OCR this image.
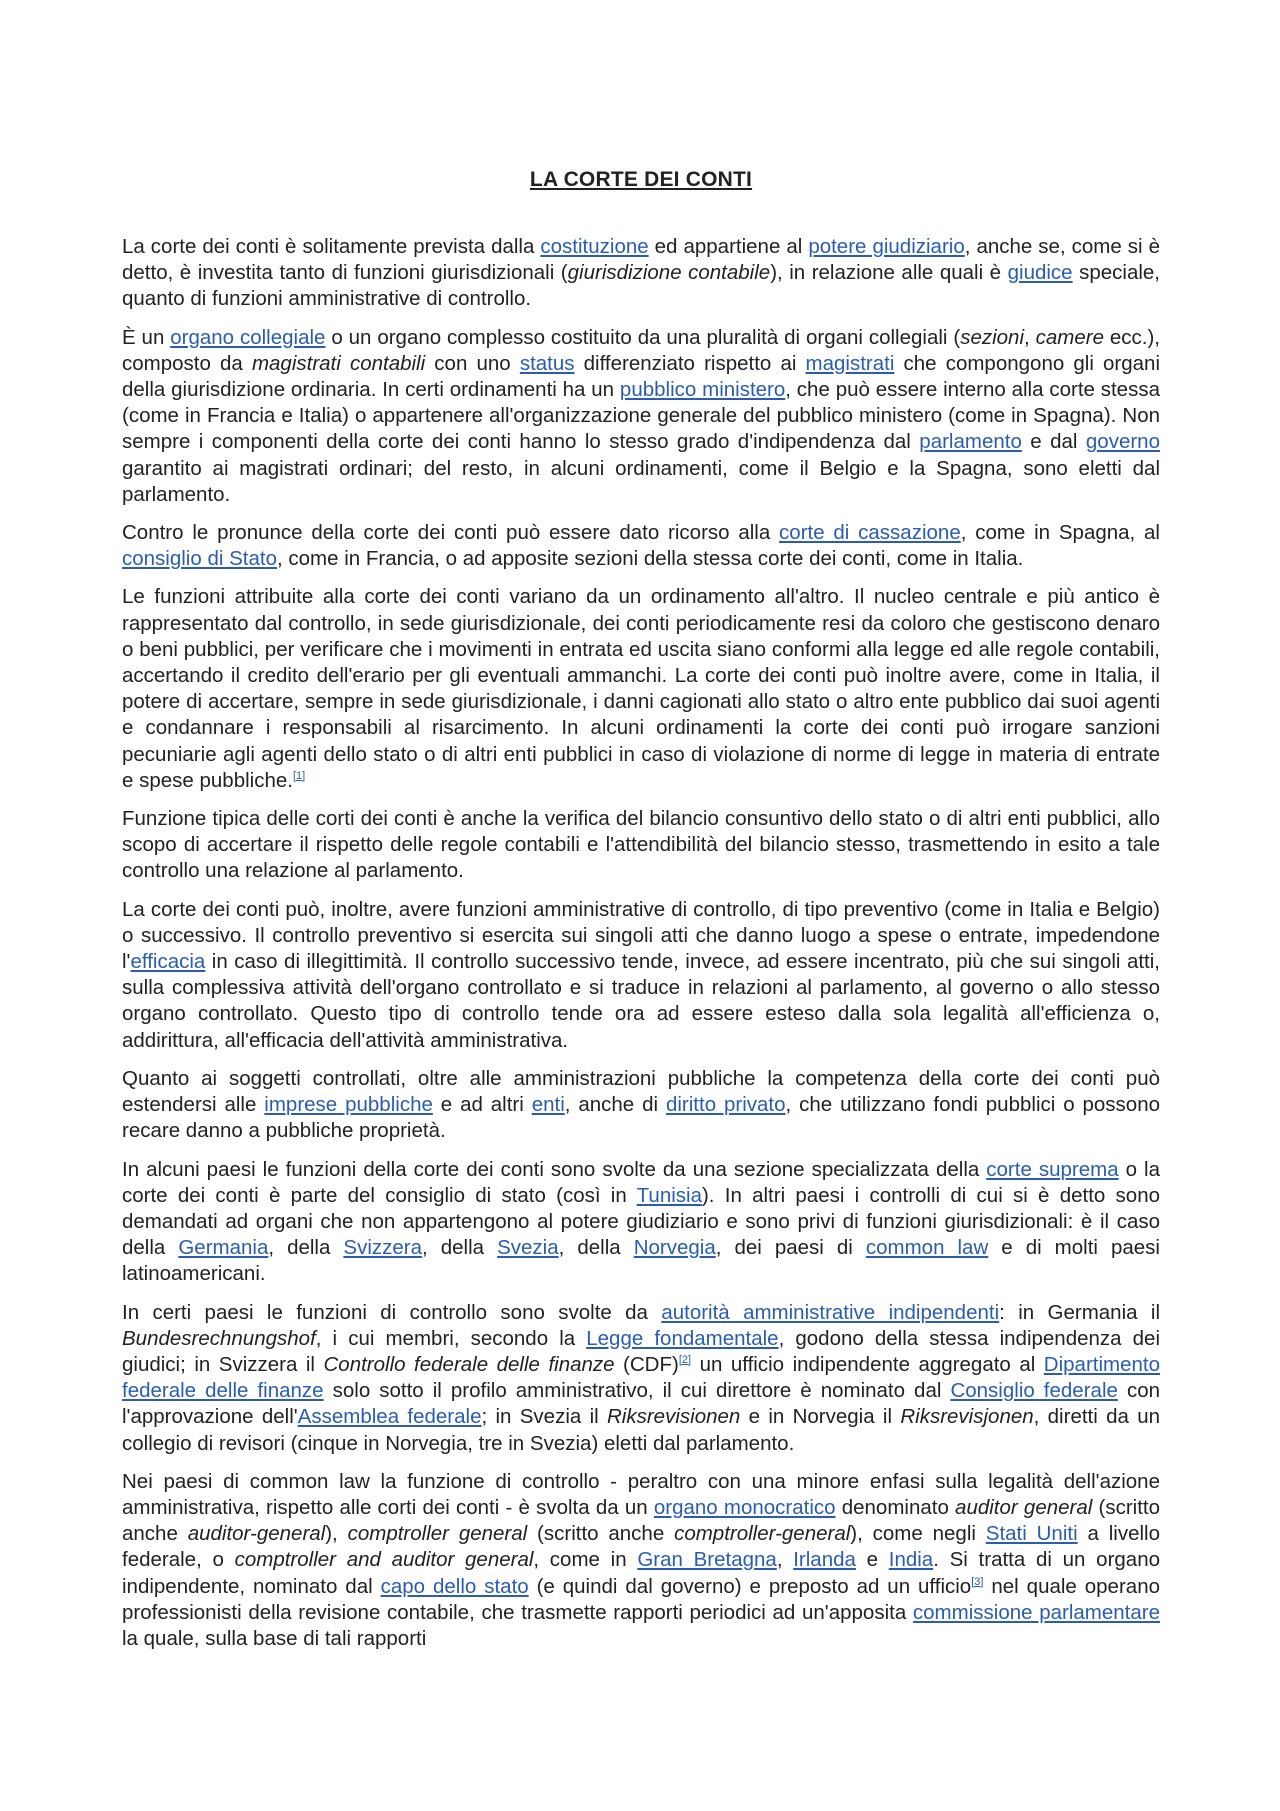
LA CORTE DEI CONTI

La corte dei conti è solitamente prevista dalla costituzione ed appartiene al potere giudiziario, anche se, come si è detto, è investita tanto di funzioni giurisdizionali (giurisdizione contabile), in relazione alle quali è giudice speciale, quanto di funzioni amministrative di controllo.

È un organo collegiale o un organo complesso costituito da una pluralità di organi collegiali (sezioni, camere ecc.), composto da magistrati contabili con uno status differenziato rispetto ai magistrati che compongono gli organi della giurisdizione ordinaria. In certi ordinamenti ha un pubblico ministero, che può essere interno alla corte stessa (come in Francia e Italia) o appartenere all'organizzazione generale del pubblico ministero (come in Spagna). Non sempre i componenti della corte dei conti hanno lo stesso grado d'indipendenza dal parlamento e dal governo garantito ai magistrati ordinari; del resto, in alcuni ordinamenti, come il Belgio e la Spagna, sono eletti dal parlamento.

Contro le pronunce della corte dei conti può essere dato ricorso alla corte di cassazione, come in Spagna, al consiglio di Stato, come in Francia, o ad apposite sezioni della stessa corte dei conti, come in Italia.

Le funzioni attribuite alla corte dei conti variano da un ordinamento all'altro. Il nucleo centrale e più antico è rappresentato dal controllo, in sede giurisdizionale, dei conti periodicamente resi da coloro che gestiscono denaro o beni pubblici, per verificare che i movimenti in entrata ed uscita siano conformi alla legge ed alle regole contabili, accertando il credito dell'erario per gli eventuali ammanchi. La corte dei conti può inoltre avere, come in Italia, il potere di accertare, sempre in sede giurisdizionale, i danni cagionati allo stato o altro ente pubblico dai suoi agenti e condannare i responsabili al risarcimento. In alcuni ordinamenti la corte dei conti può irrogare sanzioni pecuniarie agli agenti dello stato o di altri enti pubblici in caso di violazione di norme di legge in materia di entrate e spese pubbliche.[1]

Funzione tipica delle corti dei conti è anche la verifica del bilancio consuntivo dello stato o di altri enti pubblici, allo scopo di accertare il rispetto delle regole contabili e l'attendibilità del bilancio stesso, trasmettendo in esito a tale controllo una relazione al parlamento.

La corte dei conti può, inoltre, avere funzioni amministrative di controllo, di tipo preventivo (come in Italia e Belgio) o successivo. Il controllo preventivo si esercita sui singoli atti che danno luogo a spese o entrate, impedendone l'efficacia in caso di illegittimità. Il controllo successivo tende, invece, ad essere incentrato, più che sui singoli atti, sulla complessiva attività dell'organo controllato e si traduce in relazioni al parlamento, al governo o allo stesso organo controllato. Questo tipo di controllo tende ora ad essere esteso dalla sola legalità all'efficienza o, addirittura, all'efficacia dell'attività amministrativa.

Quanto ai soggetti controllati, oltre alle amministrazioni pubbliche la competenza della corte dei conti può estendersi alle imprese pubbliche e ad altri enti, anche di diritto privato, che utilizzano fondi pubblici o possono recare danno a pubbliche proprietà.

In alcuni paesi le funzioni della corte dei conti sono svolte da una sezione specializzata della corte suprema o la corte dei conti è parte del consiglio di stato (così in Tunisia). In altri paesi i controlli di cui si è detto sono demandati ad organi che non appartengono al potere giudiziario e sono privi di funzioni giurisdizionali: è il caso della Germania, della Svizzera, della Svezia, della Norvegia, dei paesi di common law e di molti paesi latinoamericani.

In certi paesi le funzioni di controllo sono svolte da autorità amministrative indipendenti: in Germania il Bundesrechnungshof, i cui membri, secondo la Legge fondamentale, godono della stessa indipendenza dei giudici; in Svizzera il Controllo federale delle finanze (CDF)[2] un ufficio indipendente aggregato al Dipartimento federale delle finanze solo sotto il profilo amministrativo, il cui direttore è nominato dal Consiglio federale con l'approvazione dell'Assemblea federale; in Svezia il Riksrevisionen e in Norvegia il Riksrevisjonen, diretti da un collegio di revisori (cinque in Norvegia, tre in Svezia) eletti dal parlamento.

Nei paesi di common law la funzione di controllo - peraltro con una minore enfasi sulla legalità dell'azione amministrativa, rispetto alle corti dei conti - è svolta da un organo monocratico denominato auditor general (scritto anche auditor-general), comptroller general (scritto anche comptroller-general), come negli Stati Uniti a livello federale, o comptroller and auditor general, come in Gran Bretagna, Irlanda e India. Si tratta di un organo indipendente, nominato dal capo dello stato (e quindi dal governo) e preposto ad un ufficio[3] nel quale operano professionisti della revisione contabile, che trasmette rapporti periodici ad un'apposita commissione parlamentare la quale, sulla base di tali rapporti
